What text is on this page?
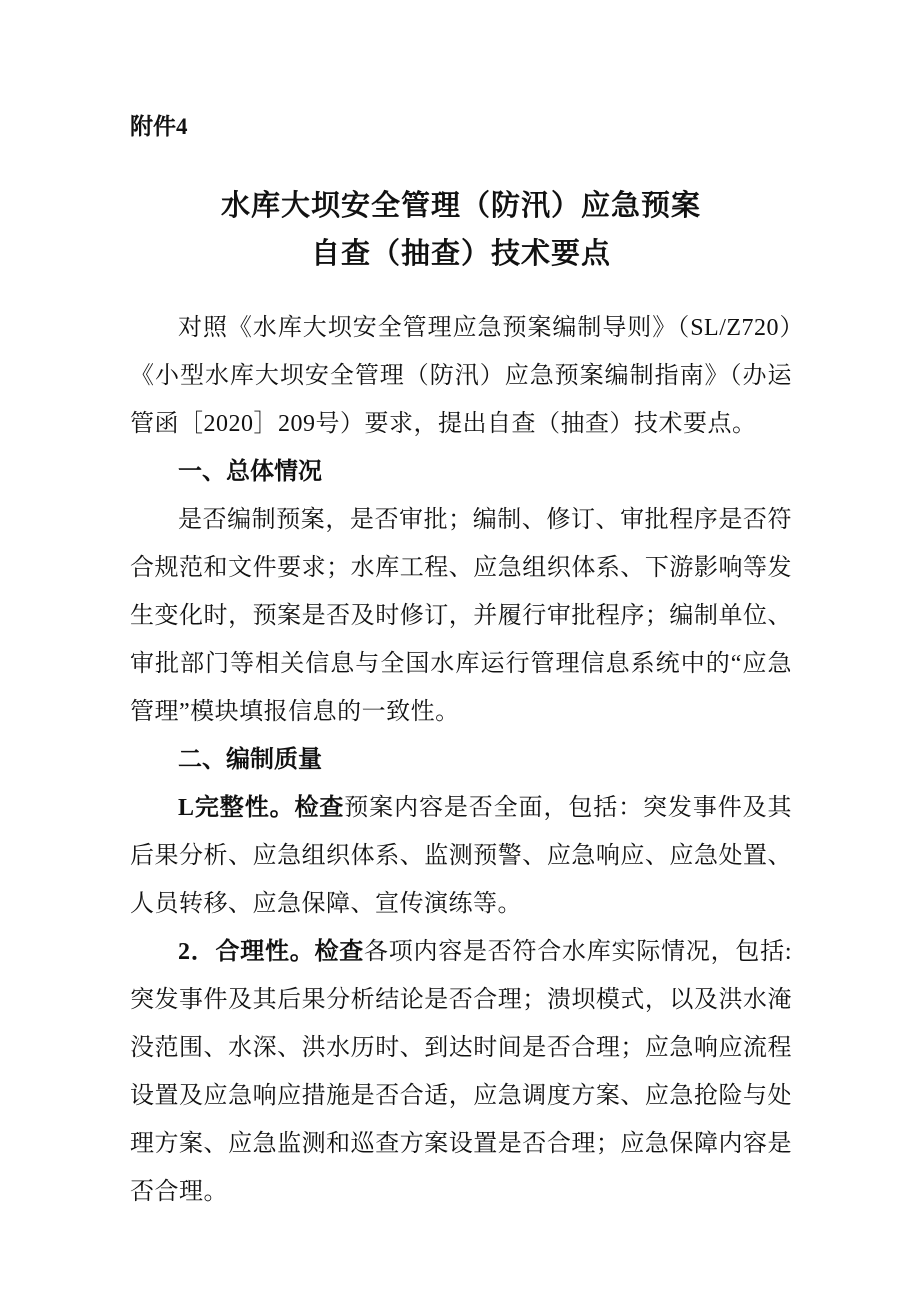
附件4
水库大坝安全管理（防汛）应急预案
自查（抽查）技术要点

对照《水库大坝安全管理应急预案编制导则》（SL/Z720）《小型水库大坝安全管理（防汛）应急预案编制指南》（办运管函［2020］209号）要求，提出自查（抽查）技术要点。

一、总体情况

是否编制预案，是否审批；编制、修订、审批程序是否符合规范和文件要求；水库工程、应急组织体系、下游影响等发生变化时，预案是否及时修订，并履行审批程序；编制单位、审批部门等相关信息与全国水库运行管理信息系统中的“应急管理”模块填报信息的一致性。

二、编制质量

L完整性。检查预案内容是否全面，包括：突发事件及其后果分析、应急组织体系、监测预警、应急响应、应急处置、人员转移、应急保障、宣传演练等。

2．合理性。检查各项内容是否符合水库实际情况，包括:突发事件及其后果分析结论是否合理；溃坝模式，以及洪水淹没范围、水深、洪水历时、到达时间是否合理；应急响应流程设置及应急响应措施是否合适，应急调度方案、应急抢险与处理方案、应急监测和巡查方案设置是否合理；应急保障内容是否合理。
